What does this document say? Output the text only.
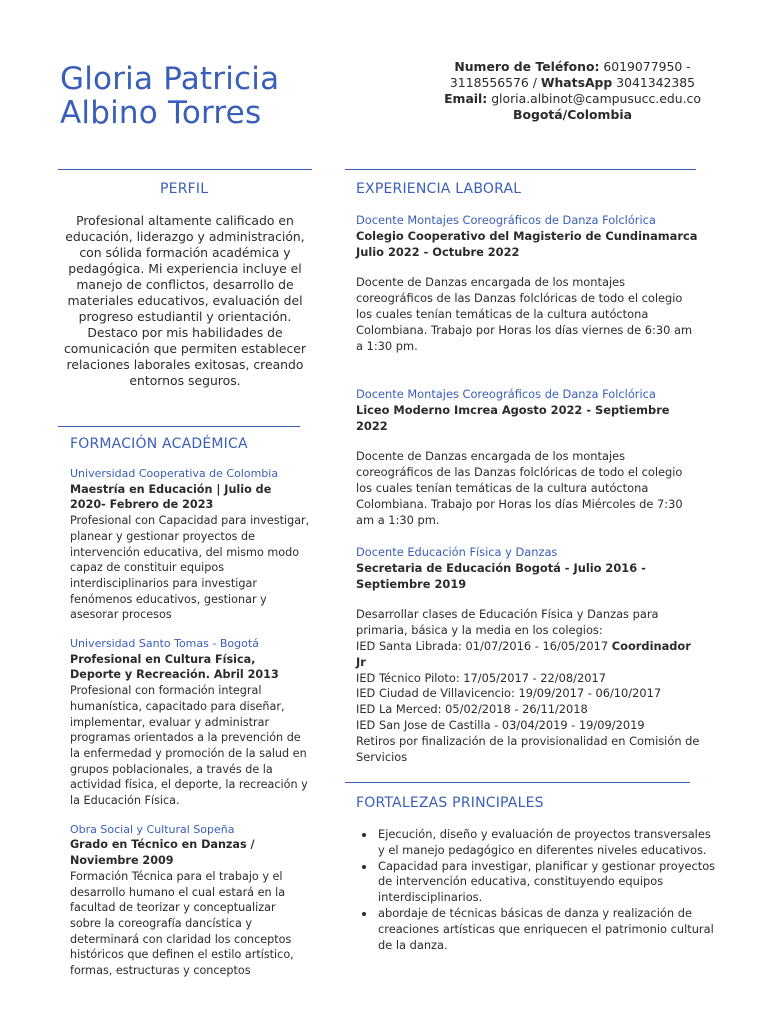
Gloria Patricia
Albino Torres
Numero de Teléfono: 6019077950 - 3118556576 / WhatsApp 3041342385
Email: gloria.albinot@campusucc.edu.co
Bogotá/Colombia
PERFIL
Profesional altamente calificado en educación, liderazgo y administración, con sólida formación académica y pedagógica. Mi experiencia incluye el manejo de conflictos, desarrollo de materiales educativos, evaluación del progreso estudiantil y orientación. Destaco por mis habilidades de comunicación que permiten establecer relaciones laborales exitosas, creando entornos seguros.
FORMACIÓN ACADÉMICA
Universidad Cooperativa de Colombia
Maestría en Educación | Julio de 2020- Febrero de 2023
Profesional con Capacidad para investigar, planear y gestionar proyectos de intervención educativa, del mismo modo capaz de constituir equipos interdisciplinarios para investigar fenómenos educativos, gestionar y asesorar procesos
Universidad Santo Tomas - Bogotá
Profesional en Cultura Física, Deporte y Recreación. Abril 2013
Profesional con formación integral humanística, capacitado para diseñar, implementar, evaluar y administrar programas orientados a la prevención de la enfermedad y promoción de la salud en grupos poblacionales, a través de la actividad física, el deporte, la recreación y la Educación Física.
Obra Social y Cultural Sopeña
Grado en Técnico en Danzas / Noviembre 2009
Formación Técnica para el trabajo y el desarrollo humano el cual estará en la facultad de teorizar y conceptualizar sobre la coreografía dancística y determinará con claridad los conceptos históricos que definen el estilo artístico, formas, estructuras y conceptos
EXPERIENCIA LABORAL
Docente Montajes Coreográficos de Danza Folclórica
Colegio Cooperativo del Magisterio de Cundinamarca
Julio 2022 - Octubre 2022
Docente de Danzas encargada de los montajes coreográficos de las Danzas folclóricas de todo el colegio los cuales tenían temáticas de la cultura autóctona Colombiana. Trabajo por Horas los días viernes de 6:30 am a 1:30 pm.
Docente Montajes Coreográficos de Danza Folclórica
Liceo Moderno Imcrea Agosto 2022 - Septiembre 2022
Docente de Danzas encargada de los montajes coreográficos de las Danzas folclóricas de todo el colegio los cuales tenían temáticas de la cultura autóctona Colombiana. Trabajo por Horas los días Miércoles de 7:30 am a 1:30 pm.
Docente Educación Física y Danzas
Secretaria de Educación Bogotá - Julio 2016 - Septiembre 2019
Desarrollar clases de Educación Física y Danzas para primaria, básica y la media en los colegios:
IED Santa Librada: 01/07/2016 - 16/05/2017 Coordinador Jr
IED Técnico Piloto: 17/05/2017 - 22/08/2017
IED Ciudad de Villavicencio: 19/09/2017 - 06/10/2017
IED La Merced: 05/02/2018 - 26/11/2018
IED San Jose de Castilla - 03/04/2019 - 19/09/2019
Retiros por finalización de la provisionalidad en Comisión de Servicios
FORTALEZAS PRINCIPALES
• Ejecución, diseño y evaluación de proyectos transversales y el manejo pedagógico en diferentes niveles educativos.
• Capacidad para investigar, planificar y gestionar proyectos de intervención educativa, constituyendo equipos interdisciplinarios.
• abordaje de técnicas básicas de danza y realización de creaciones artísticas que enriquecen el patrimonio cultural de la danza.
